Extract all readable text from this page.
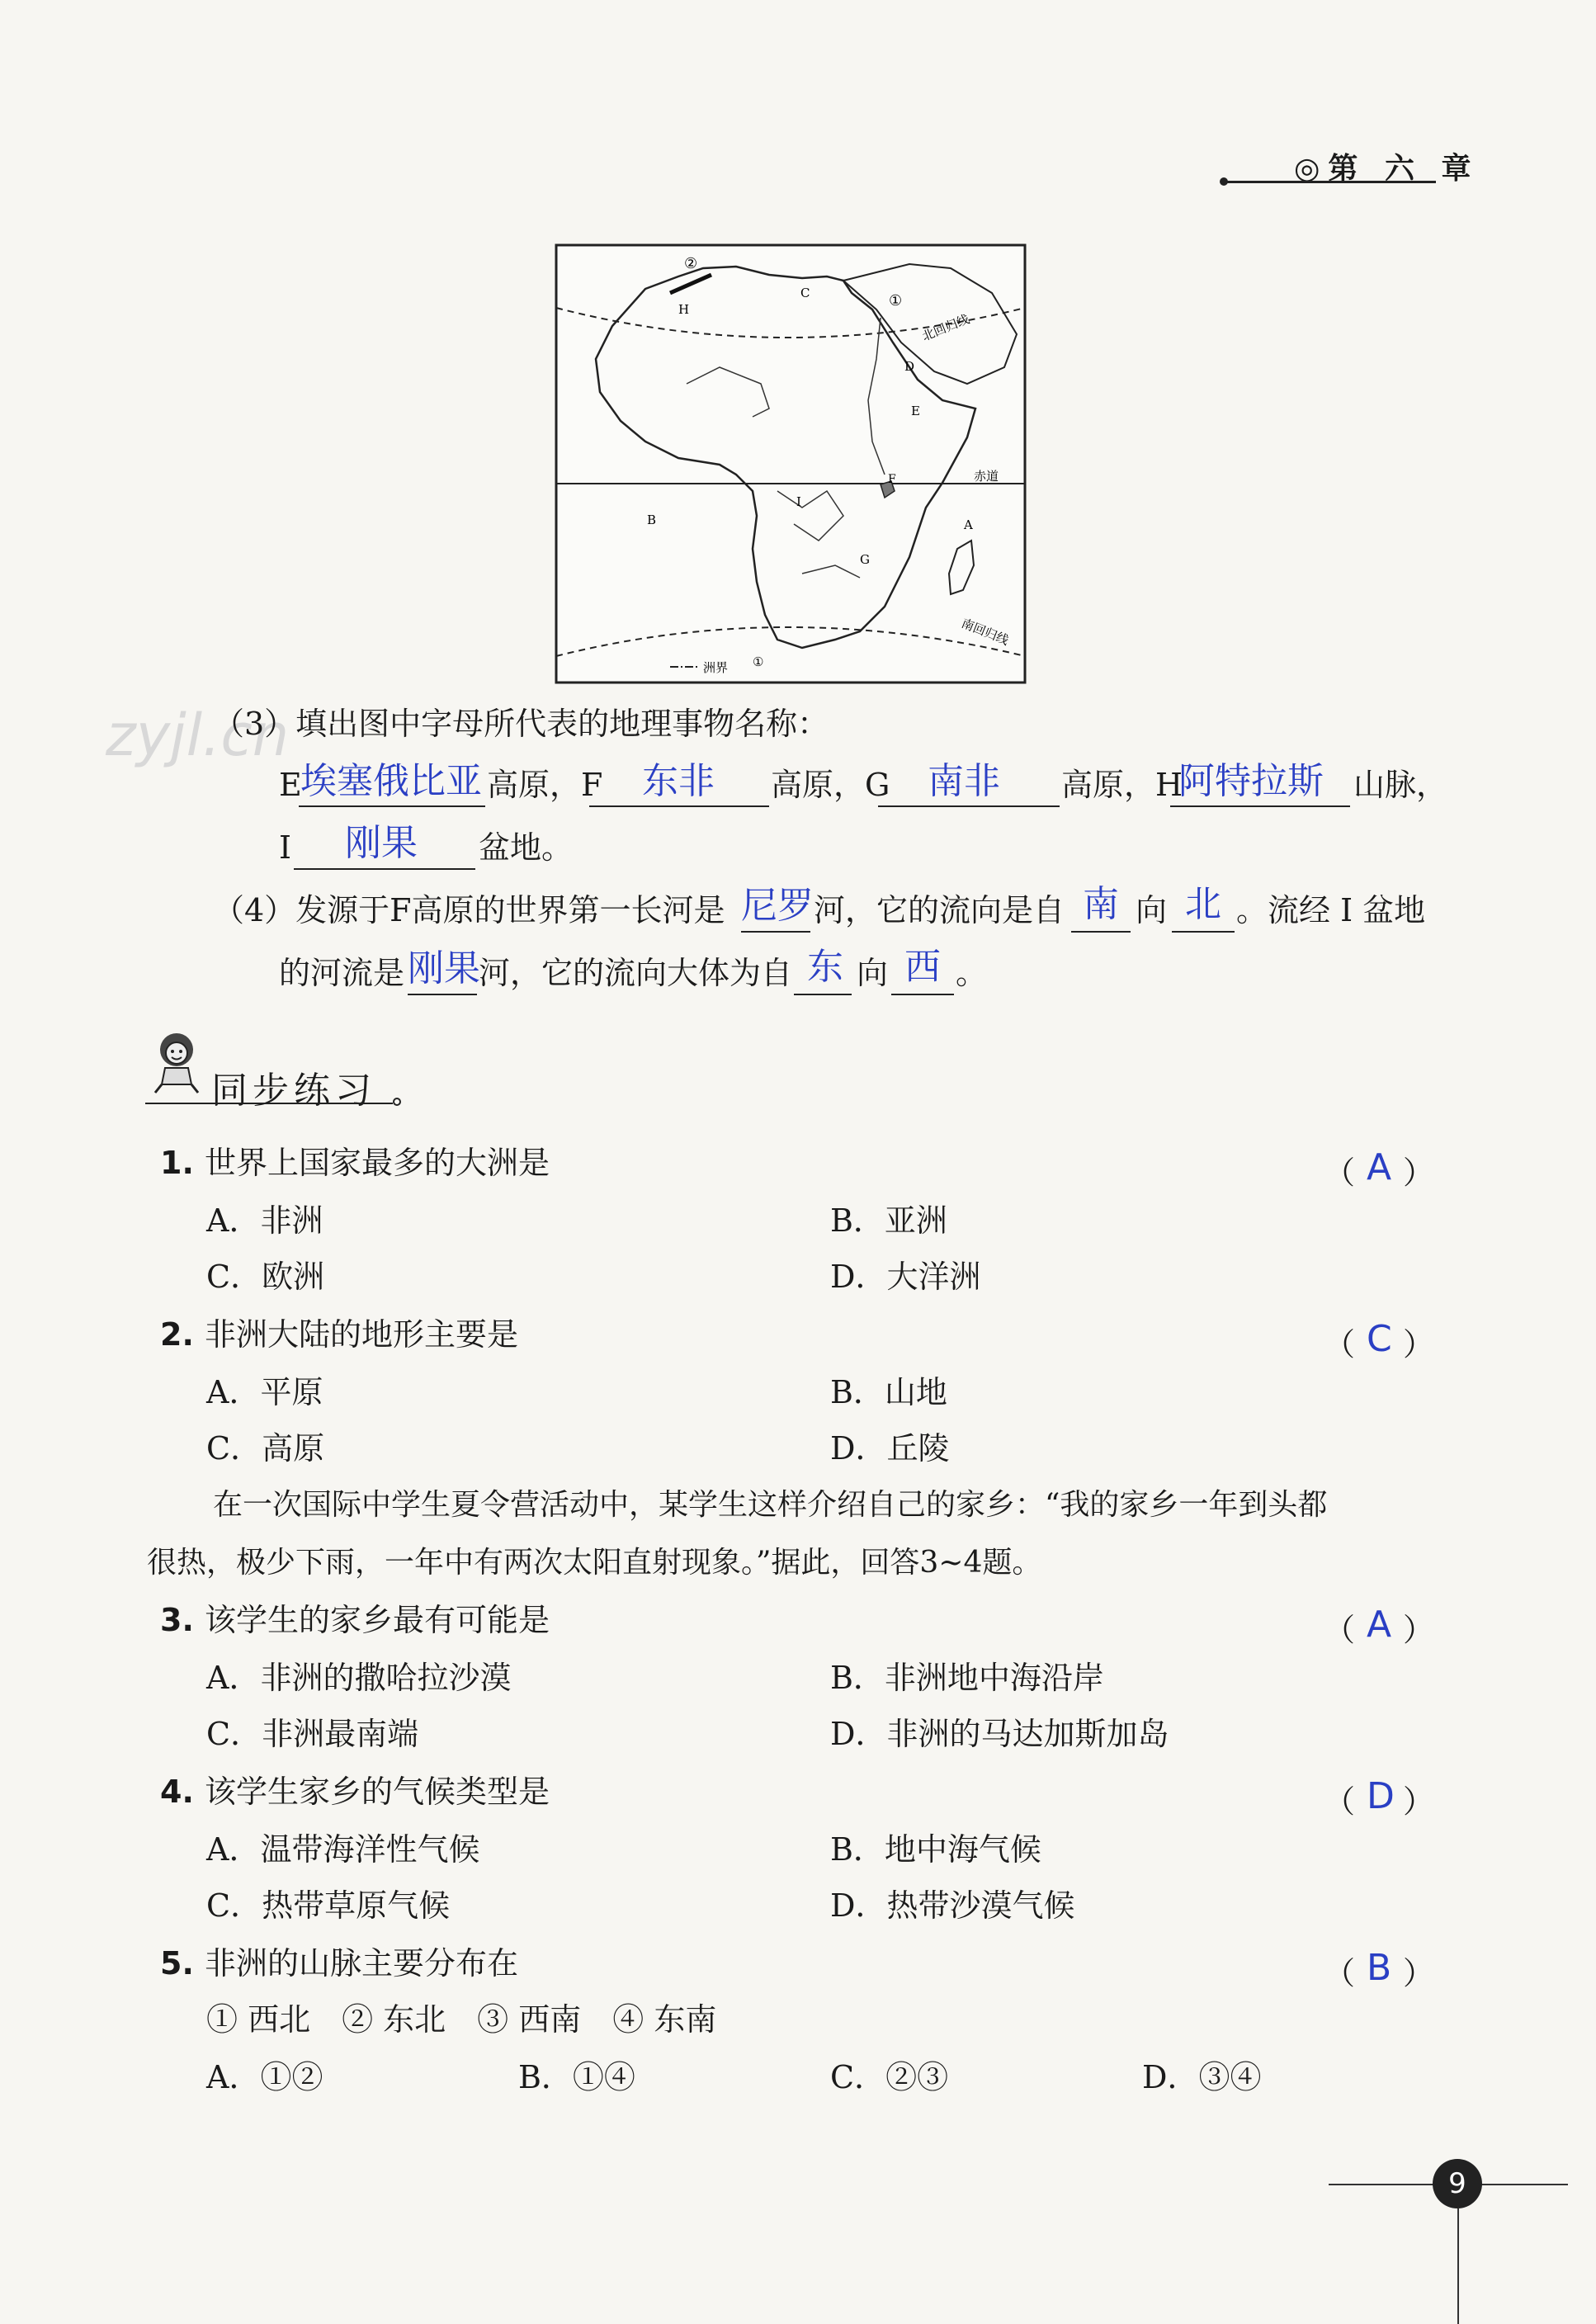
◎第 六 章
①
②
H
C	①
D
E
F
I
G
A
B
北回归线
赤道
南回归线
洲界
zyjl.cn
（3）填出图中字母所代表的地理事物名称：
E
埃塞俄比亚 高原，F 东非 高原，G 南非 高原，H
阿特拉斯 山脉，
I 刚果 盆地。
（4）发源于F高原的世界第一长河是 尼罗 河，它的流向是自 南 向 北 。流经 I 盆地
的河流是 刚果
河，它的流向大体为自 东 向 西 。
同步练习
1. 世界上国家最多的大洲是	（ A ）
A．非洲	B．亚洲
C．欧洲	D．大洋洲
2. 非洲大陆的地形主要是	（ C ）
A．平原	B．山地
C．高原	D．丘陵
在一次国际中学生夏令营活动中，某学生这样介绍自己的家乡：“我的家乡一年到头都
很热，极少下雨，一年中有两次太阳直射现象。”据此，回答3~4题。
3. 该学生的家乡最有可能是	（ A ）
A．非洲的撒哈拉沙漠	B．非洲地中海沿岸
C．非洲最南端	D．非洲的马达加斯加岛
4. 该学生家乡的气候类型是	（ D ）
A．温带海洋性气候	B．地中海气候
C．热带草原气候	D．热带沙漠气候
5. 非洲的山脉主要分布在	（ B ）
① 西北　② 东北　③ 西南　④ 东南
A．①②	B．①④	C．②③	D．③④
9
